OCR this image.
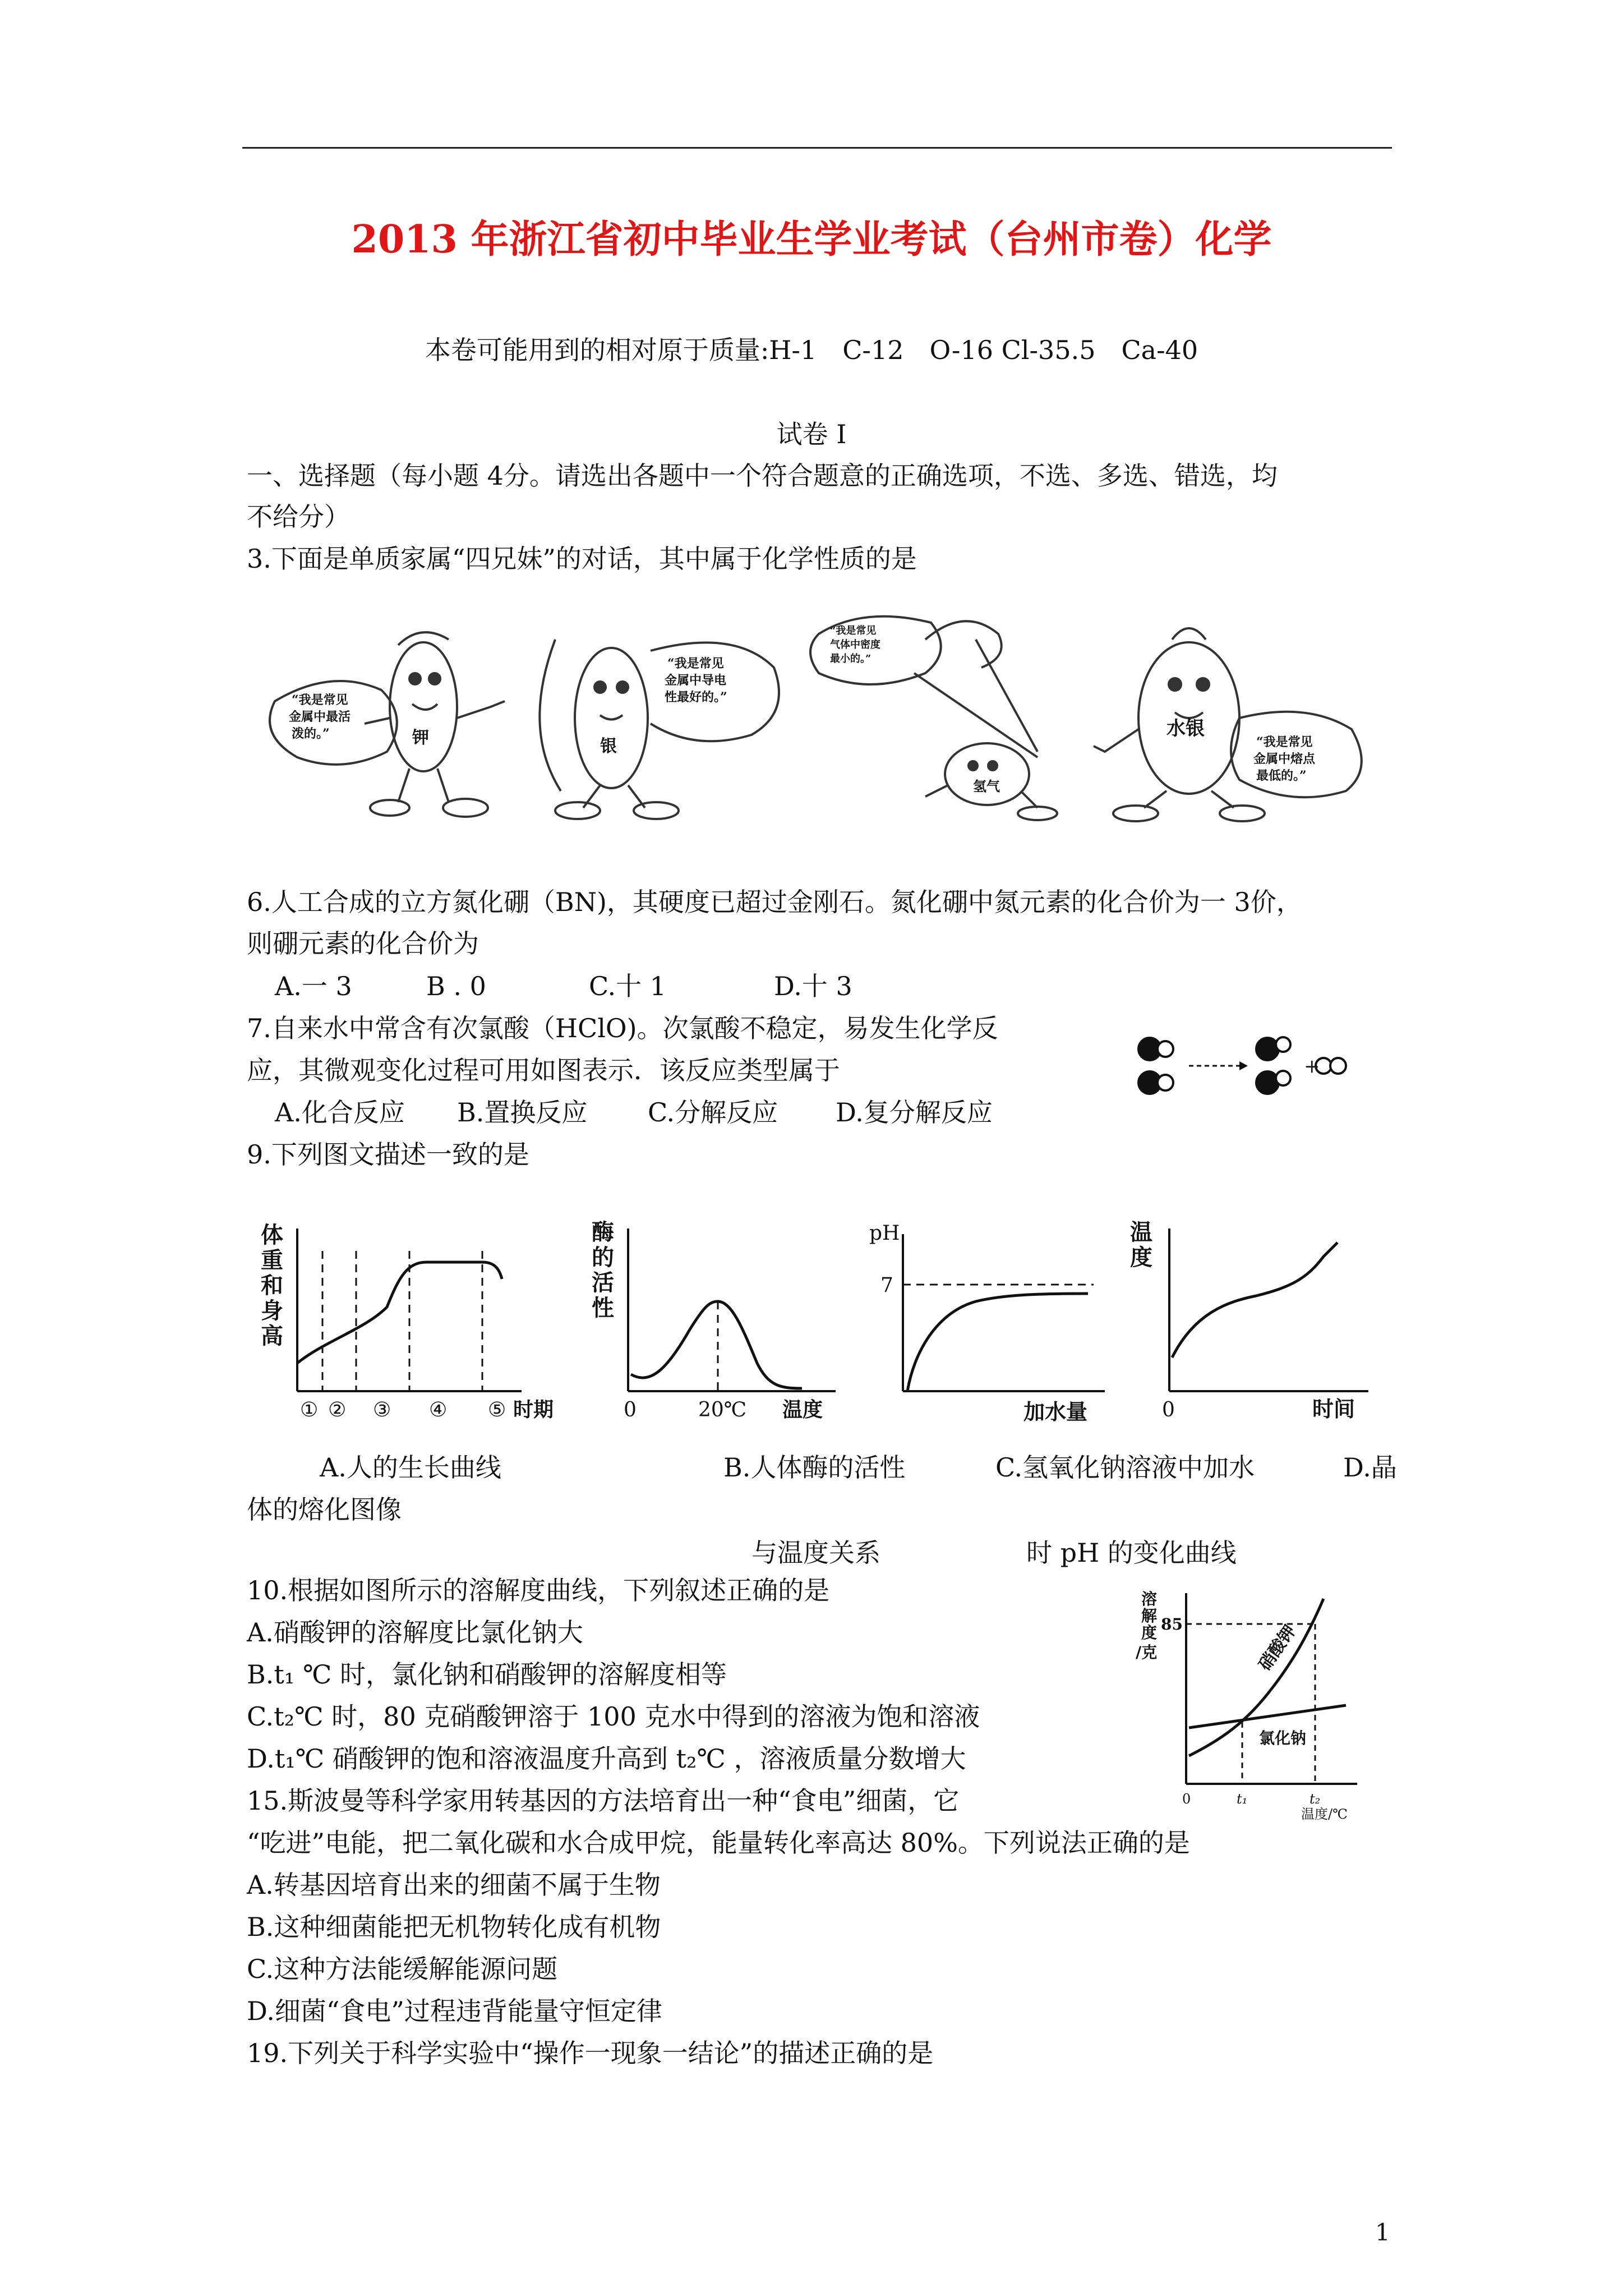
2013 年浙江省初中毕业生学业考试（台州市卷）化学
本卷可能用到的相对原于质量:H-1　C-12　O-16 Cl-35.5　Ca-40
试卷 I
一、选择题（每小题 4分。请选出各题中一个符合题意的正确选项，不选、多选、错选，均
不给分）
3.下面是单质家属“四兄妹”的对话，其中属于化学性质的是
“我是常见
金属中最活
泼的。”	钾
“我是常见
金属中导电
性最好的。”
银
“我是常见
气体中密度
最小的。”
氢气
“我是常见
金属中熔点
最低的。”
水银
6.人工合成的立方氮化硼（BN)，其硬度已超过金刚石。氮化硼中氮元素的化合价为一 3价，
则硼元素的化合价为
A.一 3	B . 0	C.十 1	D.十 3
7.自来水中常含有次氯酸（HClO)。次氯酸不稳定，易发生化学反
应，其微观变化过程可用如图表示．该反应类型属于
A.化合反应 B.置换反应 C.分解反应 D.复分解反应
+
9.下列图文描述一致的是
体
重
和
身
高
① ② ③ ④ ⑤ 时期
酶
的
活
性
0	20℃ 温度
pH
7
加水量
温
度
0	时间
A.人的生长曲线	B.人体酶的活性	C.氢氧化钠溶液中加水	D.晶
体的熔化图像
与温度关系	时 pH 的变化曲线
10.根据如图所示的溶解度曲线，下列叙述正确的是
A.硝酸钾的溶解度比氯化钠大
B.t₁ ℃ 时，氯化钠和硝酸钾的溶解度相等
C.t₂℃ 时，80 克硝酸钾溶于 100 克水中得到的溶液为饱和溶液
D.t₁℃ 硝酸钾的饱和溶液温度升高到 t₂℃ ，溶液质量分数增大
溶
解
度
/克
85	硝酸钾
氯化钠
0	t₁	t₂
温度/℃
15.斯波曼等科学家用转基因的方法培育出一种“食电”细菌，它
“吃进”电能，把二氧化碳和水合成甲烷，能量转化率高达 80%。下列说法正确的是
A.转基因培育出来的细菌不属于生物
B.这种细菌能把无机物转化成有机物
C.这种方法能缓解能源问题
D.细菌“食电”过程违背能量守恒定律
19.下列关于科学实验中“操作一现象一结论”的描述正确的是
1
